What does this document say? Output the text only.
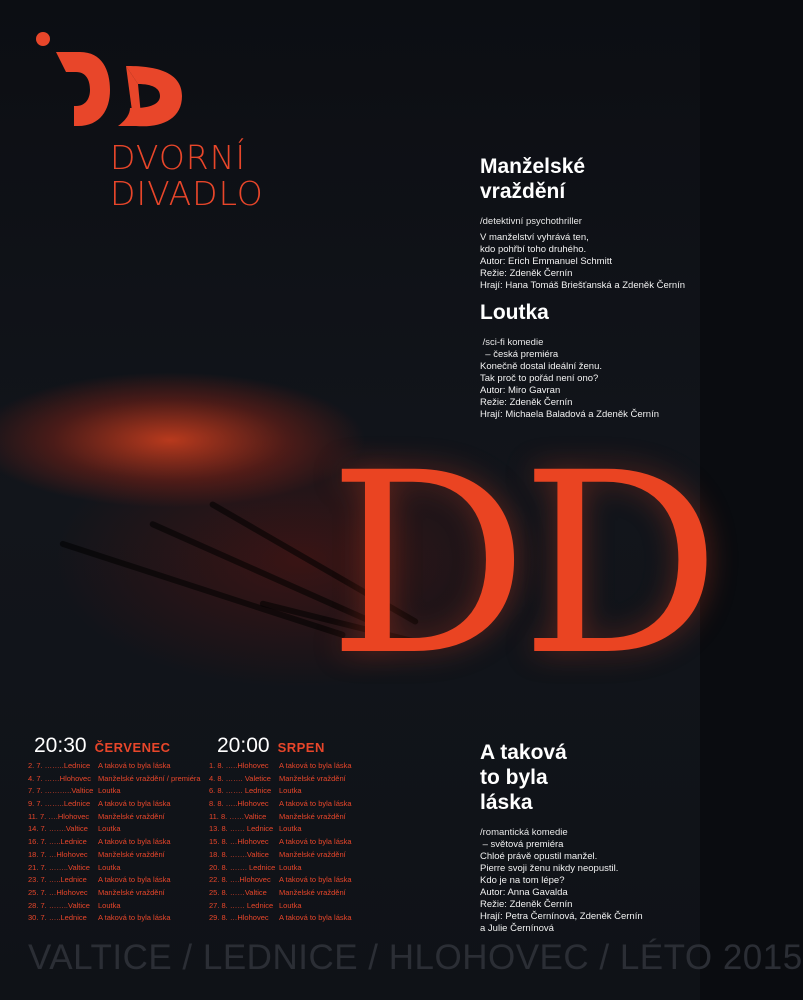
DVORNÍ
DIVADLO
Manželské
vraždění
/detektivní psychothriller
V manželství vyhrává ten,
kdo pohřbí toho druhého.
Autor: Erich Emmanuel Schmitt
Režie: Zdeněk Černín
Hrají: Hana Tomáš Briešťanská a Zdeněk Černín
Loutka
/sci-fi komedie
– česká premiéra
Konečně dostal ideální ženu.
Tak proč to pořád není ono?
Autor: Miro Gavran
Režie: Zdeněk Černín
Hrají: Michaela Baladová a Zdeněk Černín
A taková
to byla
láska
/romantická komedie
– světová premiéra
Chloé právě opustil manžel.
Pierre svoji ženu nikdy neopustil.
Kdo je na tom lépe?
Autor: Anna Gavalda
Režie: Zdeněk Černín
Hrají: Petra Černínová, Zdeněk Černín
a Julie Černínová
DD
20:30 ČERVENEC
2. 7. ……..Lednice A taková to byla láska
4. 7. ……Hlohovec Manželské vraždění / premiéra
7. 7. ………..Valtice Loutka
9. 7. ……..Lednice A taková to byla láska
11. 7. ….Hlohovec Manželské vraždění
14. 7. …….Valtice Loutka
16. 7. …..Lednice	A taková to byla láska
18. 7. …Hlohovec	Manželské vraždění
21. 7. ……..Valtice Loutka
23. 7. …..Lednice	A taková to byla láska
25. 7. …Hlohovec	Manželské vraždění
28. 7. ……..Valtice Loutka
30. 7. …..Lednice	A taková to byla láska
20:00 SRPEN
1. 8. …..Hlohovec	A taková to byla láska
4. 8. ……. Valetice Manželské vraždění
6. 8. ……. Lednice Loutka
8. 8. …..Hlohovec	A taková to byla láska
11. 8. ……Valtice	Manželské vraždění
13. 8. …… Lednice Loutka
15. 8. …Hlohovec	A taková to byla láska
18. 8. …….Valtice Manželské vraždění
20. 8. ……. Lednice Loutka
22. 8. ….Hlohovec A taková to byla láska
25. 8. ……Valtice	Manželské vraždění
27. 8. …… Lednice Loutka
29. 8. …Hlohovec	A taková to byla láska
VALTICE / LEDNICE / HLOHOVEC / LÉTO 2015
